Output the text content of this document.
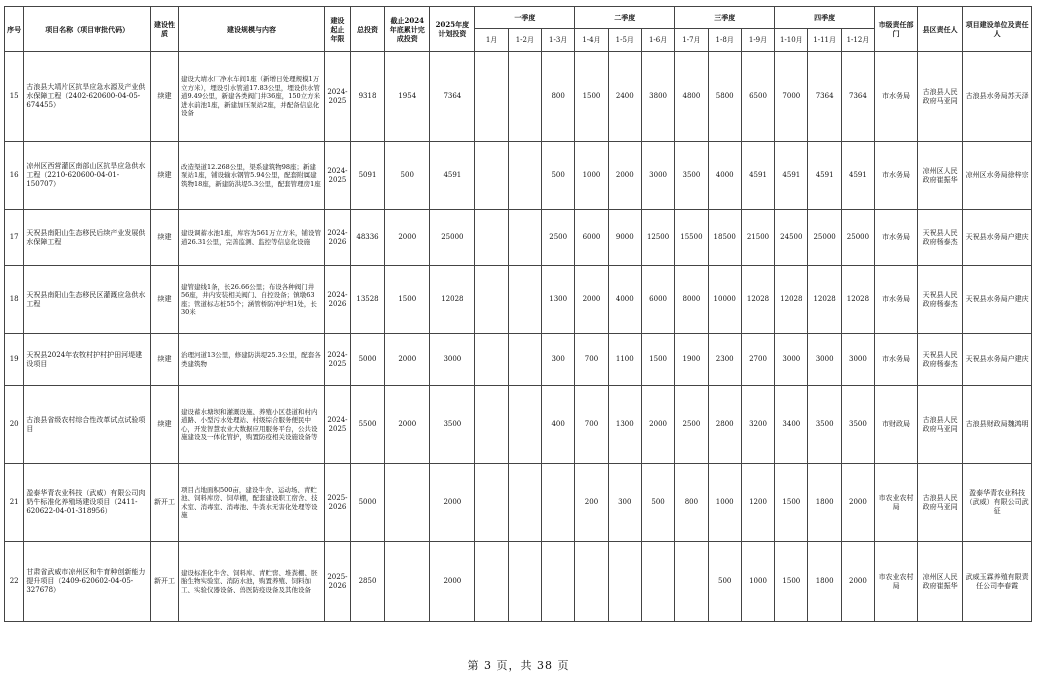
序号	项目名称（项目审批代码）	建设性质	建设规模与内容	建设起止年限	总投资	截止2024年底累计完成投资	2025年度计划投资	一季度			二季度			三季度			四季度			市级责任部门	县区责任人	项目建设单位及责任人
								1月	1-2月	1-3月	1-4月	1-5月	1-6月	1-7月	1-8月	1-9月	1-10月	1-11月	1-12月			
15	古浪县大靖片区抗旱应急水源及产业供水保障工程（2402-620600-04-05-674455）	续建	建设大靖水厂净水车间1座（新增日处理规模1万立方米），埋设引水管道17.83公里，埋设供水管道9.49公里，新建各类阀门井36座，150立方米进水前池1座，新建加压泵站2座，并配备信息化设备	2024-2025	9318	1954	7364			800	1500	2400	3800	4800	5800	6500	7000	7364	7364	市水务局	古浪县人民政府马亚同	古浪县水务局苏天泽
16	凉州区西营灌区南部山区抗旱应急供水工程（2210-620600-04-01-150707）	续建	改造渠道12.268公里，渠系建筑物98座；新建泵站1座，铺设输水钢管5.94公里，配套附属建筑物18座，新建防洪堤5.3公里，配套管理房1座	2024-2025	5091	500	4591			500	1000	2000	3000	3500	4000	4591	4591	4591	4591	市水务局	凉州区人民政府崔振华	凉州区水务局徐梓宗
17	天祝县南阳山生态移民后续产业发展供水保障工程	续建	建设调蓄水池1座，库容为561万立方米，铺设管道26.31公里，完善监测、监控等信息化设施	2024-2026	48336	2000	25000			2500	6000	9000	12500	15500	18500	21500	24500	25000	25000	市水务局	天祝县人民政府杨泰杰	天祝县水务局户建庆
18	天祝县南阳山生态移民区灌溉应急供水工程	续建	建管建线1条，长26.66公里；布设各种阀门井56座，井内安装相关阀门、自控设备；镇墩63座；管道标志桩55个；涵管桥防冲护坦1处，长30米	2024-2026	13528	1500	12028			1300	2000	4000	6000	8000	10000	12028	12028	12028	12028	市水务局	天祝县人民政府杨泰杰	天祝县水务局户建庆
19	天祝县2024年农牧村护村护田河堤建设项目	续建	治理河道13公里，修建防洪堤25.3公里，配套各类建筑物	2024-2025	5000	2000	3000			300	700	1100	1500	1900	2300	2700	3000	3000	3000	市水务局	天祝县人民政府杨泰杰	天祝县水务局户建庆
20	古浪县省级农村综合性改革试点试验项目	续建	建设蓄水塘坝和灌溉设施、养殖小区巷道和村内道路、小型污水处理站、村级综合服务便民中心，开发智慧农业大数据应用服务平台，公共设施建设及一体化管护，购置防疫相关设施设备等	2024-2025	5500	2000	3500			400	700	1300	2000	2500	2800	3200	3400	3500	3500	市财政局	古浪县人民政府马亚同	古浪县财政局魏鸿明
21	盈泰华青农业科技（武威）有限公司肉奶牛标准化养殖场建设项目（2411-620622-04-01-318956）	新开工	项目占地面积500亩，建设牛舍、运动场、青贮池、饲料库房、饲草棚，配套建设职工宿舍、技术室、消毒室、消毒池、牛粪水无害化处理等设施	2025-2026	5000		2000				200	300	500	800	1000	1200	1500	1800	2000	市农业农村局	古浪县人民政府马亚同	盈泰华青农业科技（武威）有限公司武征
22	甘肃省武威市凉州区和牛育种创新能力提升项目（2409-620602-04-05-327678）	新开工	建设标准化牛舍、饲料库、青贮窖、堆粪棚、胚胎生物实验室、消防水池，购置养殖、饲料加工、实验仪器设备、兽医防疫设备及其他设备	2025-2026	2850		2000								500	1000	1500	1800	2000	市农业农村局	凉州区人民政府崔振华	武威玉霖养殖有限责任公司李春霞
第 3 页，共 38 页
